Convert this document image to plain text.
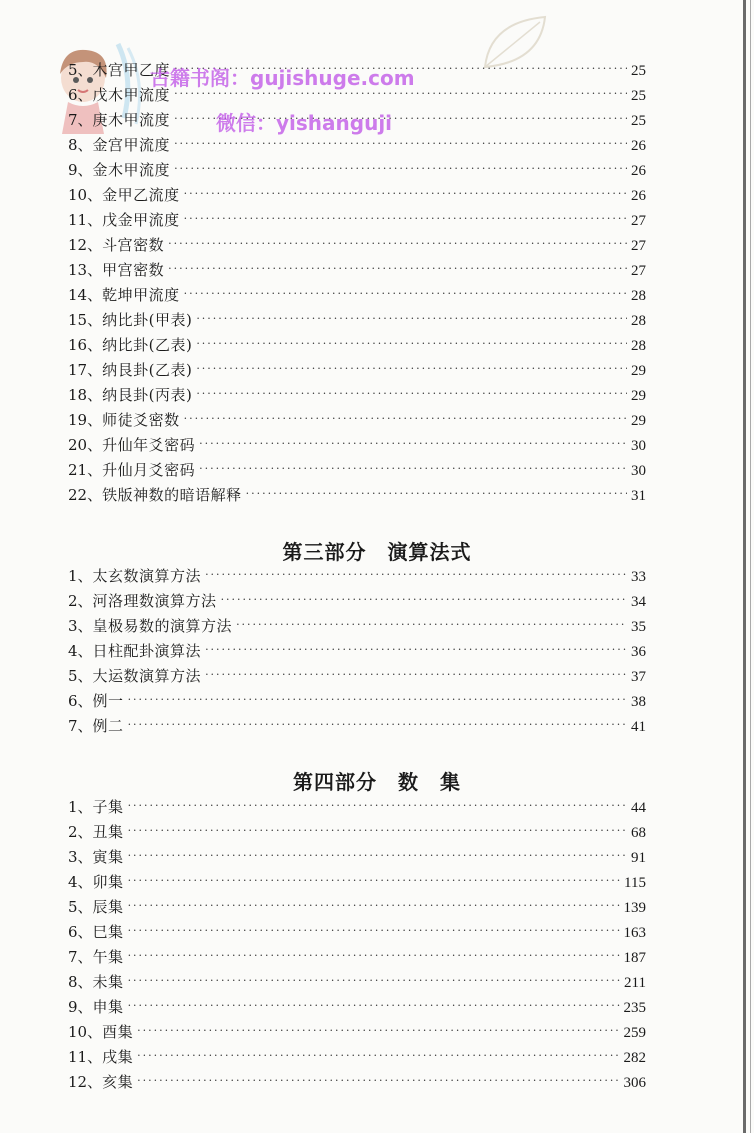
5、 木宫甲乙度 ·····	25
6、 戊木甲流度 ·····	25
7、 庚木甲流度 ·····	25
8、 金宫甲流度 ·····	26
9、 金木甲流度 ·····	26
10、 金甲乙流度 ·····	26
11、 戊金甲流度 ·····	27
12、 斗宫密数 ·····	27
13、 甲宫密数 ·····	27
14、 乾坤甲流度 ·····	28
15、 纳比卦(甲表) ·····	28
16、 纳比卦(乙表) ·····	28
17、 纳艮卦(乙表) ·····	29
18、 纳艮卦(丙表) ·····	29
19、 师徒爻密数 ·····	29
20、 升仙年爻密码 ·····	30
21、 升仙月爻密码 ·····	30
22、 铁版神数的暗语解释 ·····	31
第三部分　演算法式
1、 太玄数演算方法 ·····	33
2、 河洛理数演算方法 ·····	34
3、 皇极易数的演算方法 ·····	35
4、 日柱配卦演算法 ·····	36
5、 大运数演算方法 ·····	37
6、 例一 ·····	38
7、 例二 ·····	41
第四部分　数　集
1、 子集 ·····	44
2、 丑集 ·····	68
3、 寅集 ·····	91
4、 卯集 ·····	115
5、 辰集 ·····	139
6、 巳集 ·····	163
7、 午集 ·····	187
8、 未集 ·····	211
9、 申集 ·····	235
10、 酉集 ·····	259
11、 戌集 ·····	282
12、 亥集 ·····	306
古籍书阁：gujishuge.com
微信：yishanguji
